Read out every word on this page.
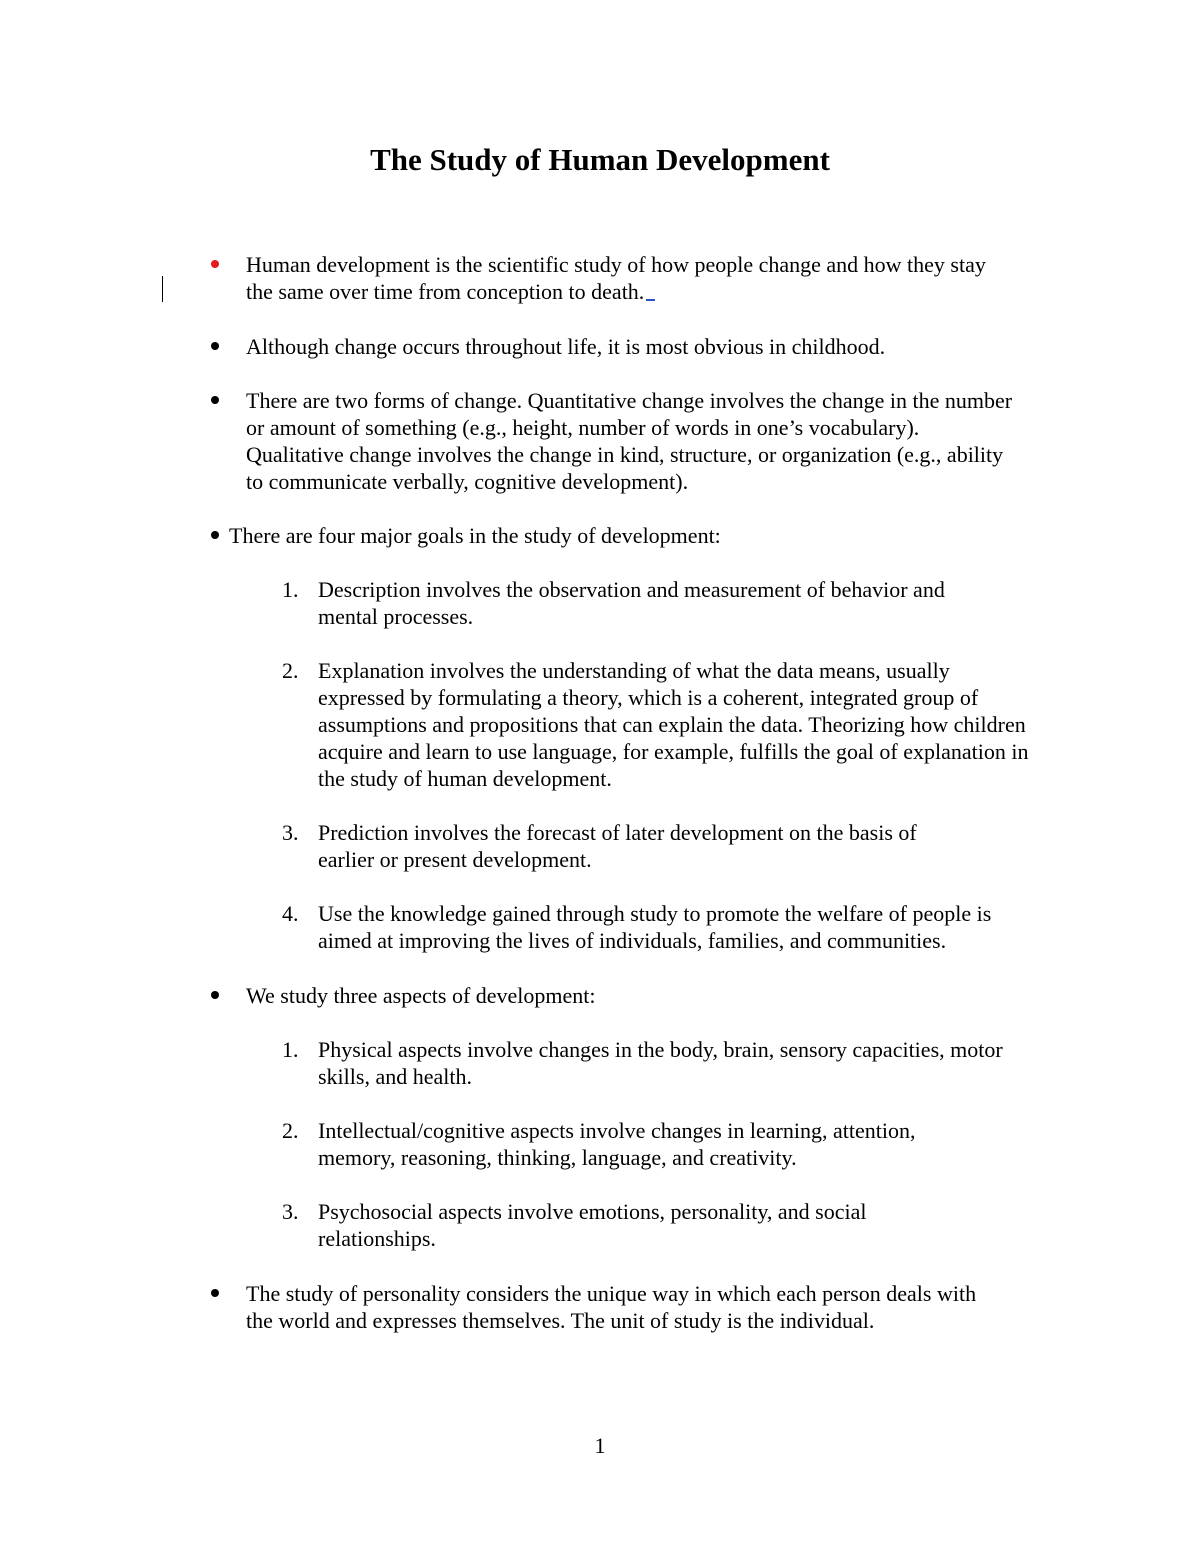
The Study of Human Development

Human development is the scientific study of how people change and how they stay the same over time from conception to death.

Although change occurs throughout life, it is most obvious in childhood.

There are two forms of change. Quantitative change involves the change in the number or amount of something (e.g., height, number of words in one’s vocabulary). Qualitative change involves the change in kind, structure, or organization (e.g., ability to communicate verbally, cognitive development).

There are four major goals in the study of development:

1. Description involves the observation and measurement of behavior and mental processes.

2. Explanation involves the understanding of what the data means, usually expressed by formulating a theory, which is a coherent, integrated group of assumptions and propositions that can explain the data. Theorizing how children acquire and learn to use language, for example, fulfills the goal of explanation in the study of human development.

3. Prediction involves the forecast of later development on the basis of earlier or present development.

4. Use the knowledge gained through study to promote the welfare of people is aimed at improving the lives of individuals, families, and communities.

We study three aspects of development:

1. Physical aspects involve changes in the body, brain, sensory capacities, motor skills, and health.

2. Intellectual/cognitive aspects involve changes in learning, attention, memory, reasoning, thinking, language, and creativity.

3. Psychosocial aspects involve emotions, personality, and social relationships.

The study of personality considers the unique way in which each person deals with the world and expresses themselves. The unit of study is the individual.

1
